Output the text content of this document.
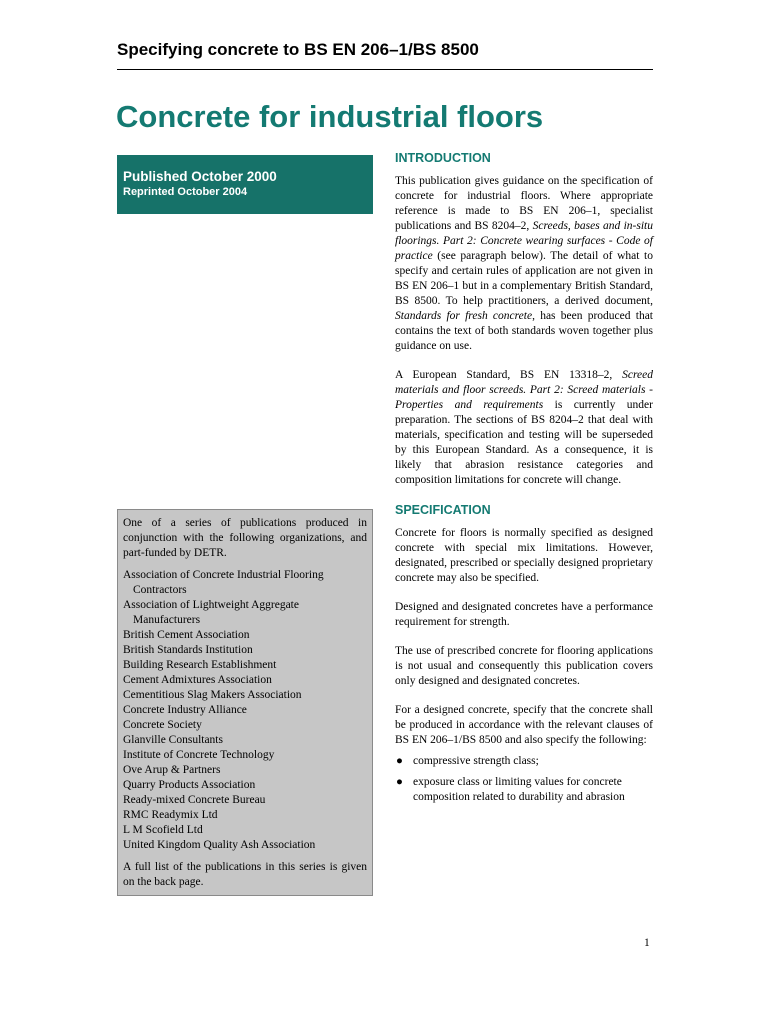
Specifying concrete to BS EN 206–1/BS 8500
Concrete for industrial floors
Published October 2000
Reprinted October 2004

One of a series of publications produced in conjunction with the following organizations, and part-funded by DETR.

Association of Concrete Industrial Flooring Contractors
Association of Lightweight Aggregate Manufacturers
British Cement Association
British Standards Institution
Building Research Establishment
Cement Admixtures Association
Cementitious Slag Makers Association
Concrete Industry Alliance
Concrete Society
Glanville Consultants
Institute of Concrete Technology
Ove Arup & Partners
Quarry Products Association
Ready-mixed Concrete Bureau
RMC Readymix Ltd
L M Scofield Ltd
United Kingdom Quality Ash Association

A full list of the publications in this series is given on the back page.

INTRODUCTION

This publication gives guidance on the specification of concrete for industrial floors. Where appropriate reference is made to BS EN 206–1, specialist publications and BS 8204–2, Screeds, bases and in-situ floorings. Part 2: Concrete wearing surfaces - Code of practice (see paragraph below). The detail of what to specify and certain rules of application are not given in BS EN 206–1 but in a complementary British Standard, BS 8500. To help practitioners, a derived document, Standards for fresh concrete, has been produced that contains the text of both standards woven together plus guidance on use.

A European Standard, BS EN 13318–2, Screed materials and floor screeds. Part 2: Screed materials - Properties and requirements is currently under preparation. The sections of BS 8204–2 that deal with materials, specification and testing will be superseded by this European Standard. As a consequence, it is likely that abrasion resistance categories and composition limitations for concrete will change.

SPECIFICATION

Concrete for floors is normally specified as designed concrete with special mix limitations. However, designated, prescribed or specially designed proprietary concrete may also be specified.

Designed and designated concretes have a performance requirement for strength.

The use of prescribed concrete for flooring applications is not usual and consequently this publication covers only designed and designated concretes.

For a designed concrete, specify that the concrete shall be produced in accordance with the relevant clauses of BS EN 206–1/BS 8500 and also specify the following:

● compressive strength class;
● exposure class or limiting values for concrete composition related to durability and abrasion
1
